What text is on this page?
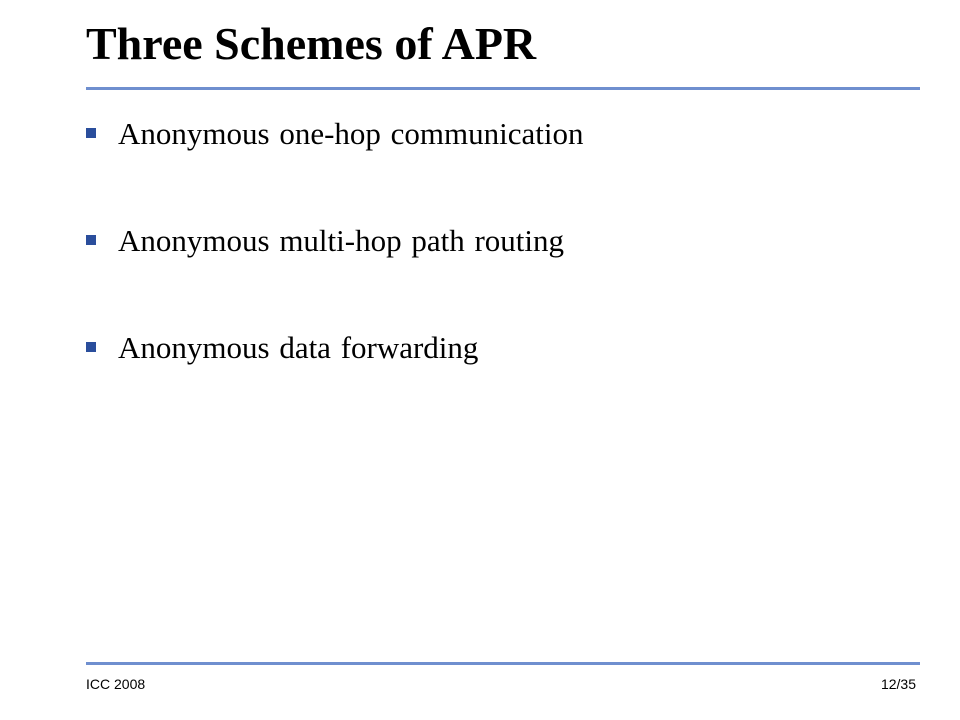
Three Schemes of APR
Anonymous one-hop communication
Anonymous multi-hop path routing
Anonymous data forwarding
ICC 2008	12/35
